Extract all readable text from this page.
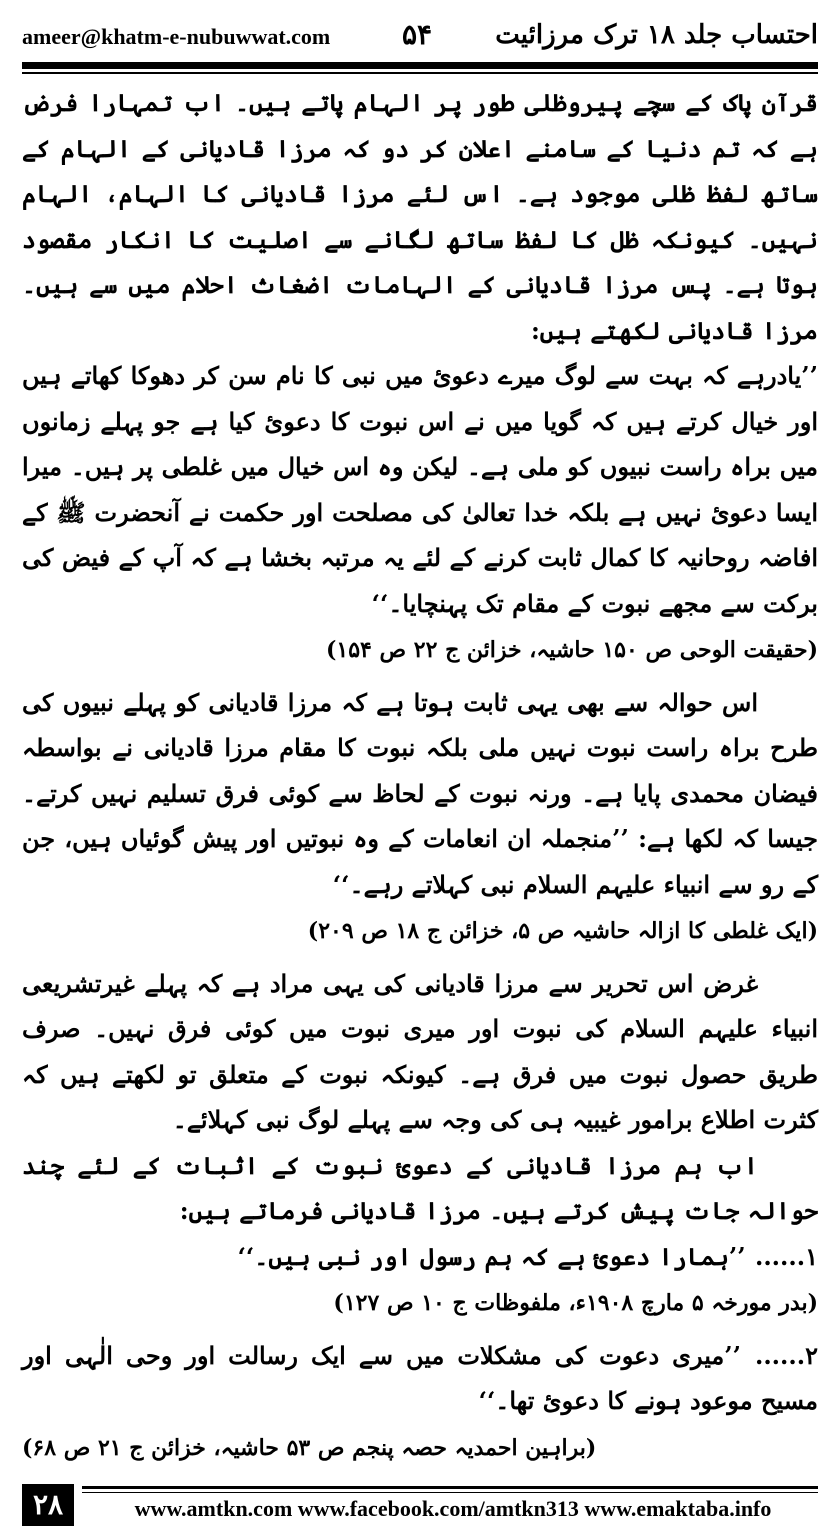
ameer@khatm-e-nubuwwat.com	۵۴ احتساب جلد ۱۸ ترک مرزائیت

قرآن پاک کے سچے پیروظلی طور پر الہام پاتے ہیں۔ اب تمہارا فرض ہے کہ تم دنیا کے سامنے اعلان کر دو کہ مرزا قادیانی کے الہام کے ساتھ لفظ ظلی موجود ہے۔ اس لئے مرزا قادیانی کا الہام، الہام نہیں۔ کیونکہ ظل کا لفظ ساتھ لگانے سے اصلیت کا انکار مقصود ہوتا ہے۔ پس مرزا قادیانی کے الہامات اضغاث احلام میں سے ہیں۔ مرزا قادیانی لکھتے ہیں:

’’یادرہے کہ بہت سے لوگ میرے دعوئ میں نبی کا نام سن کر دھوکا کھاتے ہیں اور خیال کرتے ہیں کہ گویا میں نے اس نبوت کا دعوئ کیا ہے جو پہلے زمانوں میں براہ راست نبیوں کو ملی ہے۔ لیکن وہ اس خیال میں غلطی پر ہیں۔ میرا ایسا دعوئ نہیں ہے بلکہ خدا تعالیٰ کی مصلحت اور حکمت نے آنحضرت ﷺ کے افاضہ روحانیہ کا کمال ثابت کرنے کے لئے یہ مرتبہ بخشا ہے کہ آپ کے فیض کی برکت سے مجھے نبوت کے مقام تک پہنچایا۔‘‘

(حقیقت الوحی ص ۱۵۰ حاشیہ، خزائن ج ۲۲ ص ۱۵۴)

اس حوالہ سے بھی یہی ثابت ہوتا ہے کہ مرزا قادیانی کو پہلے نبیوں کی طرح براہ راست نبوت نہیں ملی بلکہ نبوت کا مقام مرزا قادیانی نے بواسطہ فیضان محمدی پایا ہے۔ ورنہ نبوت کے لحاظ سے کوئی فرق تسلیم نہیں کرتے۔ جیسا کہ لکھا ہے: ’’منجملہ ان انعامات کے وہ نبوتیں اور پیش گوئیاں ہیں، جن کے رو سے انبیاء علیہم السلام نبی کہلاتے رہے۔‘‘

(ایک غلطی کا ازالہ حاشیہ ص ۵، خزائن ج ۱۸ ص ۲۰۹)

غرض اس تحریر سے مرزا قادیانی کی یہی مراد ہے کہ پہلے غیرتشریعی انبیاء علیہم السلام کی نبوت اور میری نبوت میں کوئی فرق نہیں۔ صرف طریق حصول نبوت میں فرق ہے۔ کیونکہ نبوت کے متعلق تو لکھتے ہیں کہ کثرت اطلاع برامور غیبیہ ہی کی وجہ سے پہلے لوگ نبی کہلائے۔

اب ہم مرزا قادیانی کے دعوئ نبوت کے اثبات کے لئے چند حوالہ جات پیش کرتے ہیں۔ مرزا قادیانی فرماتے ہیں:

۱...... ’’ہمارا دعوئ ہے کہ ہم رسول اور نبی ہیں۔‘‘

(بدر مورخہ ۵ مارچ ۱۹۰۸ء، ملفوظات ج ۱۰ ص ۱۲۷)

۲...... ’’میری دعوت کی مشکلات میں سے ایک رسالت اور وحی الٰہی اور مسیح موعود ہونے کا دعوئ تھا۔‘‘
(براہین احمدیہ حصہ پنجم ص ۵۳ حاشیہ، خزائن ج ۲۱ ص ۶۸)

۲۸	www.amtkn.com www.facebook.com/amtkn313 www.emaktaba.info
